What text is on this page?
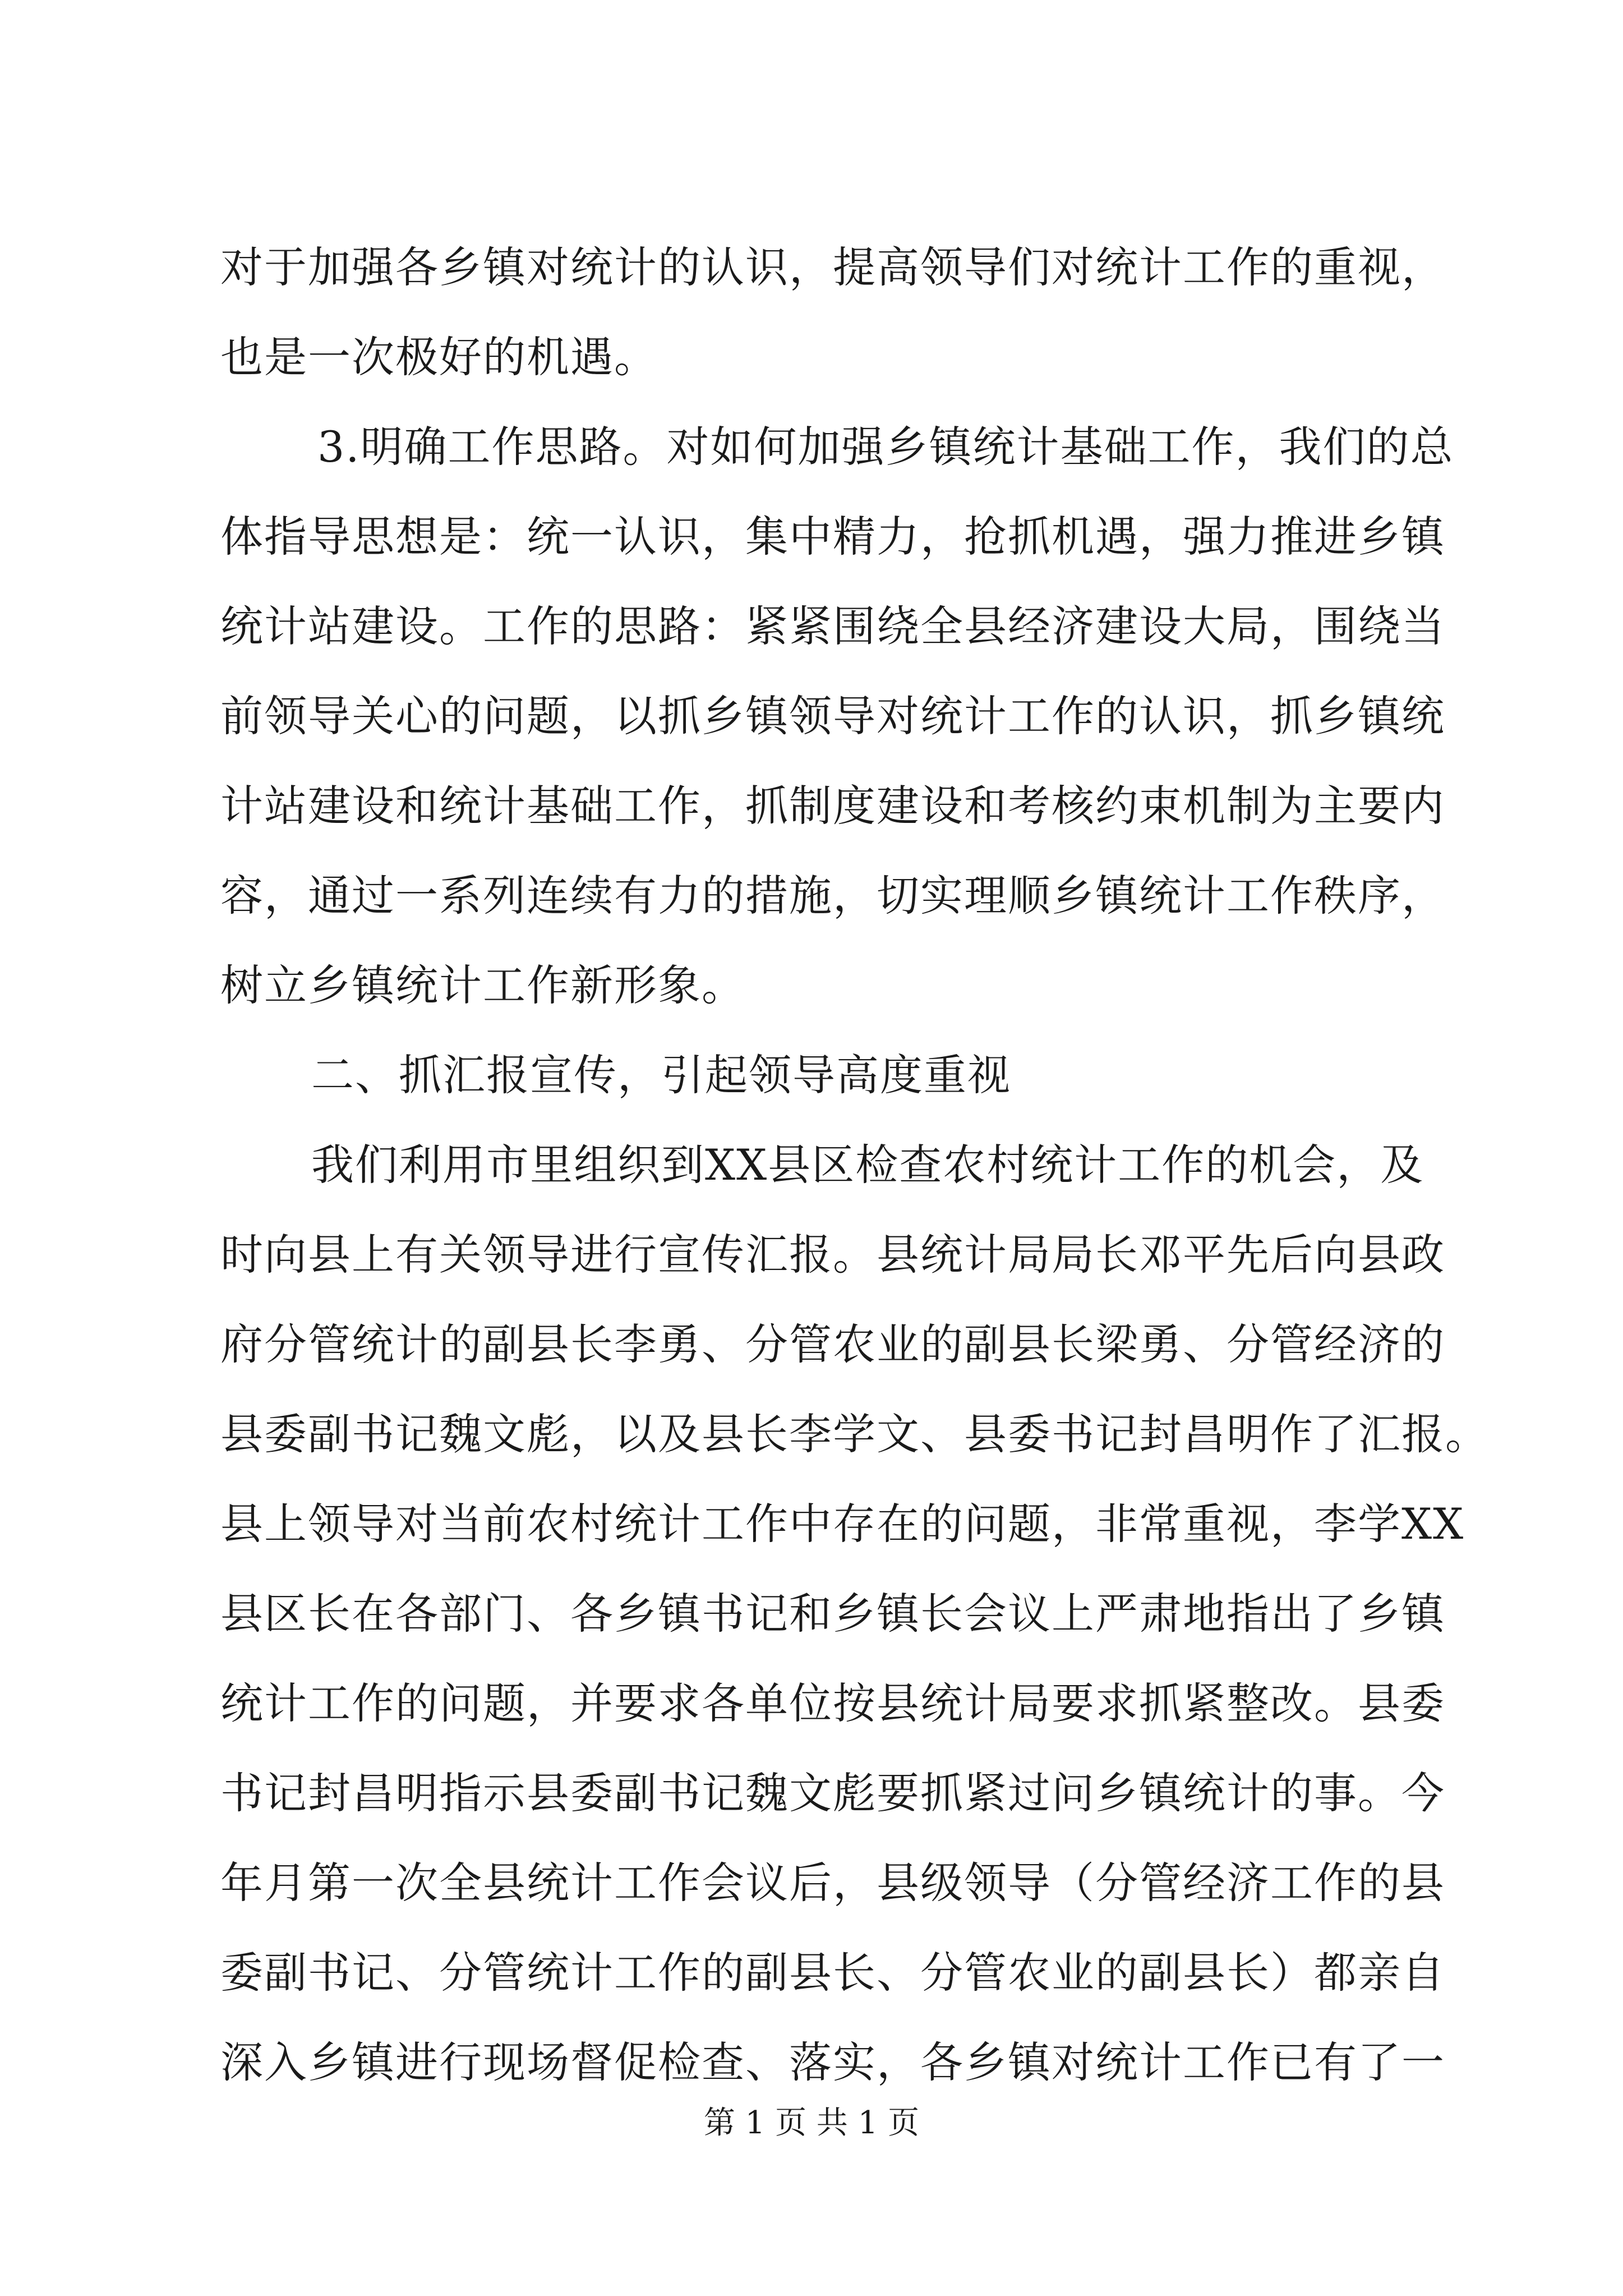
对于加强各乡镇对统计的认识，提高领导们对统计工作的重视，
也是一次极好的机遇。
3.明确工作思路。对如何加强乡镇统计基础工作，我们的总
体指导思想是：统一认识，集中精力，抢抓机遇，强力推进乡镇
统计站建设。工作的思路：紧紧围绕全县经济建设大局，围绕当
前领导关心的问题，以抓乡镇领导对统计工作的认识，抓乡镇统
计站建设和统计基础工作，抓制度建设和考核约束机制为主要内
容，通过一系列连续有力的措施，切实理顺乡镇统计工作秩序，
树立乡镇统计工作新形象。
二、抓汇报宣传，引起领导高度重视
我们利用市里组织到XX县区检查农村统计工作的机会，及
时向县上有关领导进行宣传汇报。县统计局局长邓平先后向县政
府分管统计的副县长李勇、分管农业的副县长梁勇、分管经济的
县委副书记魏文彪，以及县长李学文、县委书记封昌明作了汇报。
县上领导对当前农村统计工作中存在的问题，非常重视，李学XX
县区长在各部门、各乡镇书记和乡镇长会议上严肃地指出了乡镇
统计工作的问题，并要求各单位按县统计局要求抓紧整改。县委
书记封昌明指示县委副书记魏文彪要抓紧过问乡镇统计的事。今
年月第一次全县统计工作会议后，县级领导（分管经济工作的县
委副书记、分管统计工作的副县长、分管农业的副县长）都亲自
深入乡镇进行现场督促检查、落实，各乡镇对统计工作已有了一
第 1 页 共 1 页
